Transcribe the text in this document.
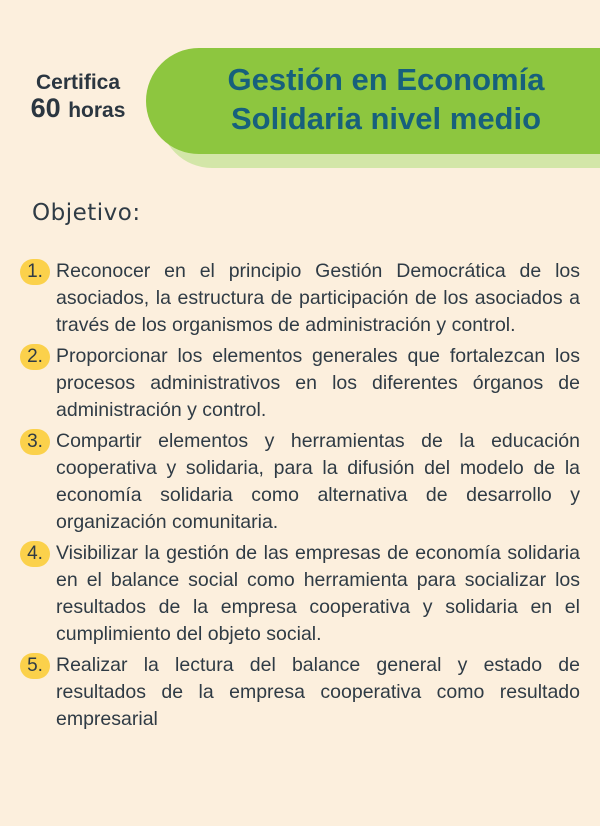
Certifica
60 horas
Gestión en Economía
Solidaria nivel medio
Objetivo:
1. Reconocer en el principio Gestión Democrática de los asociados, la estructura de participación de los asociados a través de los organismos de administración y control.
2. Proporcionar los elementos generales que fortalezcan los procesos administrativos en los diferentes órganos de administración y control.
3. Compartir elementos y herramientas de la educación cooperativa y solidaria, para la difusión del modelo de la economía solidaria como alternativa de desarrollo y organización comunitaria.
4. Visibilizar la gestión de las empresas de economía solidaria en el balance social como herramienta para socializar los resultados de la empresa cooperativa y solidaria en el cumplimiento del objeto social.
5. Realizar la lectura del balance general y estado de resultados de la empresa cooperativa como resultado empresarial
